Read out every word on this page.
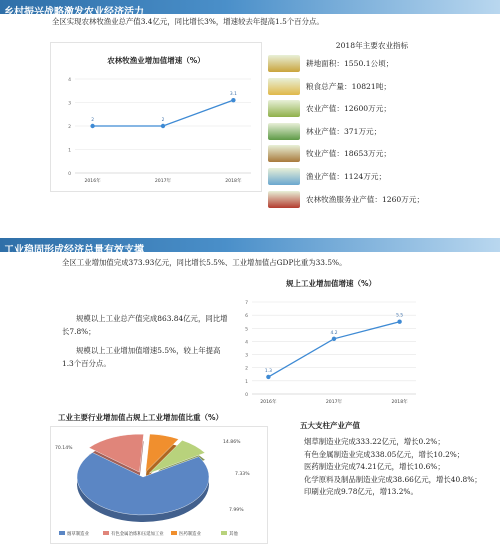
乡村振兴战略激发农业经济活力
全区实现农林牧渔业总产值3.4亿元，同比增长3%，增速较去年提高1.5个百分点。
农林牧渔业增加值增速（%）
0
1
2
3
4
2
2016年
2
2017年
3.1
2018年
2018年主要农业指标
耕地面积：1550.1公顷；
粮食总产量：10821吨；
农业产值：12600万元；
林业产值：371万元；
牧业产值：18653万元；
渔业产值：1124万元；
农林牧渔服务业产值：1260万元；
工业稳固形成经济总量有效支撑
全区工业增加值完成373.93亿元，同比增长5.5%、工业增加值占GDP比重为33.5%。
规模以上工业总产值完成863.84亿元，同比增长7.8%；
规模以上工业增加值增速5.5%，较上年提高1.3个百分点。
规上工业增加值增速（%）
0
1
2
3
4
5
6
7
1.3
2016年
4.2
2017年
5.5
2018年
工业主要行业增加值占规上工业增加值比重（%）
70.14%
14.86%
7.33%
7.99%
烟草制造业	有色金属冶炼和压延加工业	医药制造业	其他
五大支柱产业产值
烟草制造业完成333.22亿元，增长0.2%；
有色金属制造业完成338.05亿元，增长10.2%；
医药制造业完成74.21亿元，增长10.6%；
化学原料及制品制造业完成38.66亿元，增长40.8%；
印刷业完成9.78亿元，增13.2%。
